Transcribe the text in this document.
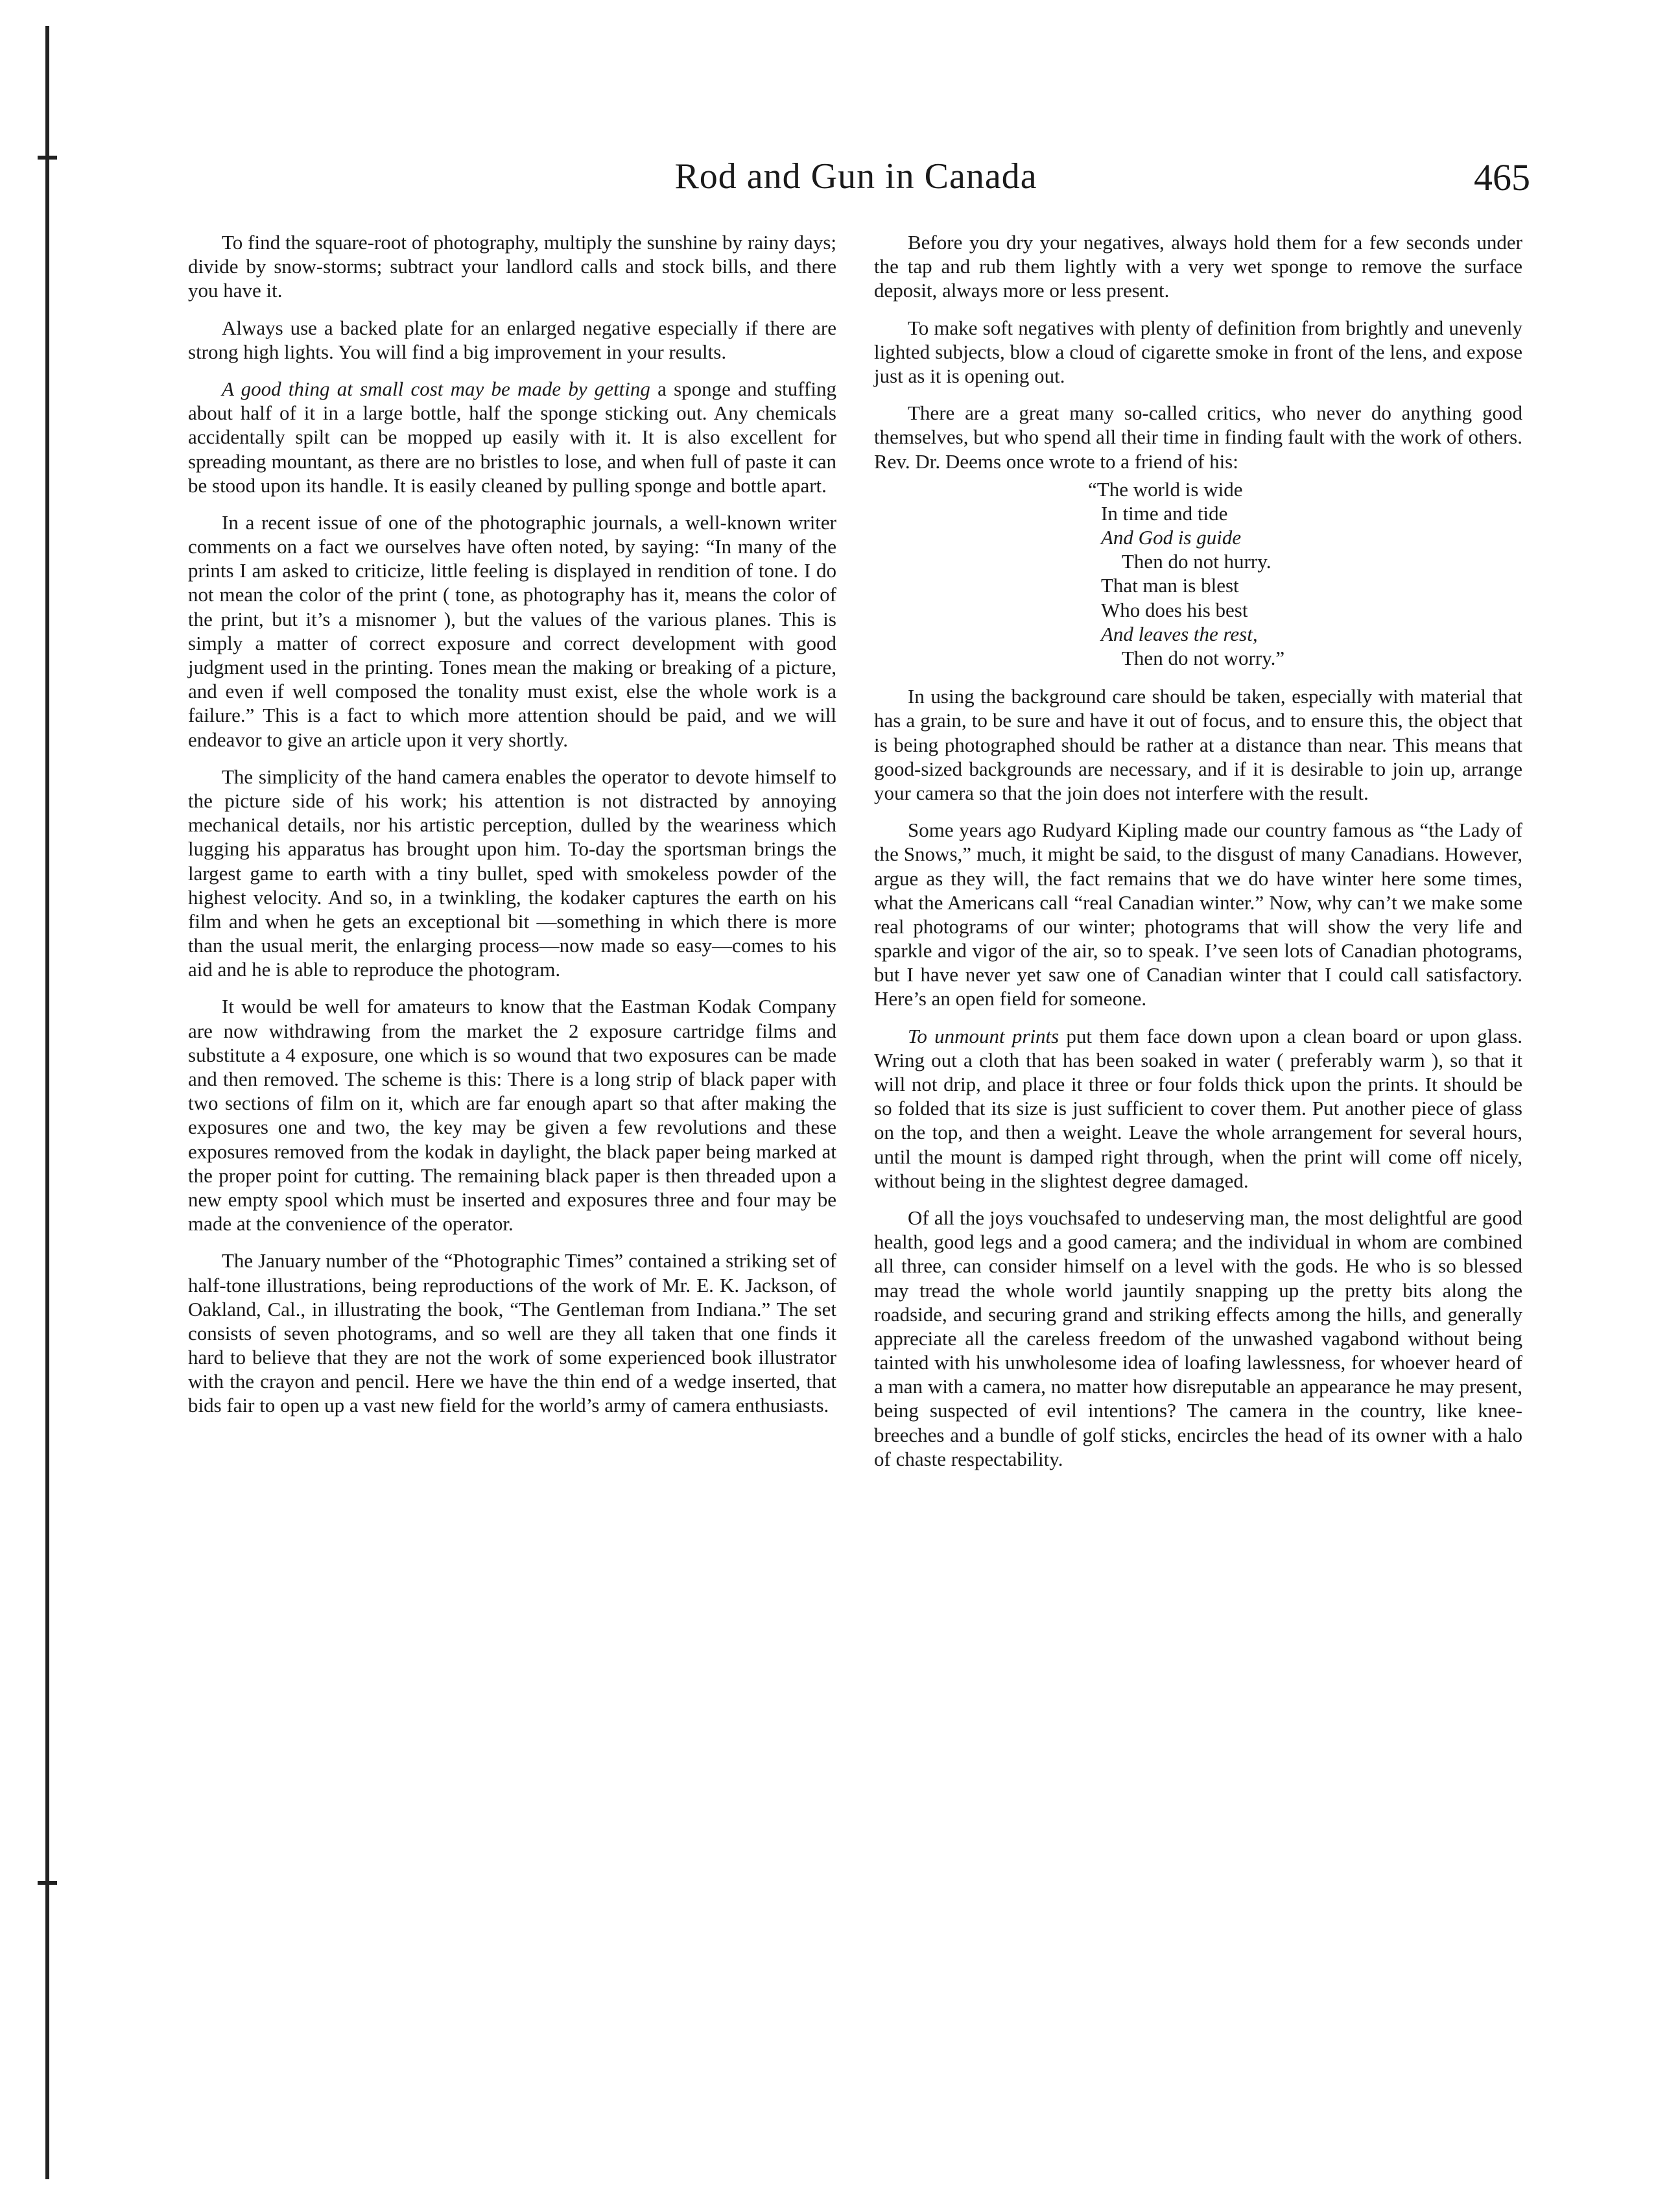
Rod and Gun in Canada	465

To find the square-root of photography, multiply the sunshine by rainy days; divide by snow-storms; subtract your landlord calls and stock bills, and there you have it.

Always use a backed plate for an enlarged negative especially if there are strong high lights. You will find a big improvement in your results.

A good thing at small cost may be made by getting a sponge and stuffing about half of it in a large bottle, half the sponge sticking out. Any chemicals accidentally spilt can be mopped up easily with it. It is also excellent for spreading mountant, as there are no bristles to lose, and when full of paste it can be stood upon its handle. It is easily cleaned by pulling sponge and bottle apart.

In a recent issue of one of the photographic journals, a well-known writer comments on a fact we ourselves have often noted, by saying: “In many of the prints I am asked to criticize, little feeling is displayed in rendition of tone. I do not mean the color of the print ( tone, as photography has it, means the color of the print, but it’s a misnomer ), but the values of the various planes. This is simply a matter of correct exposure and correct development with good judgment used in the printing. Tones mean the making or breaking of a picture, and even if well composed the tonality must exist, else the whole work is a failure.” This is a fact to which more attention should be paid, and we will endeavor to give an article upon it very shortly.

The simplicity of the hand camera enables the operator to devote himself to the picture side of his work; his attention is not distracted by annoying mechanical details, nor his artistic perception, dulled by the weariness which lugging his apparatus has brought upon him. To-day the sportsman brings the largest game to earth with a tiny bullet, sped with smokeless powder of the highest velocity. And so, in a twinkling, the kodaker captures the earth on his film and when he gets an exceptional bit —something in which there is more than the usual merit, the enlarging process—now made so easy—comes to his aid and he is able to reproduce the photogram.

It would be well for amateurs to know that the Eastman Kodak Company are now withdrawing from the market the 2 exposure cartridge films and substitute a 4 exposure, one which is so wound that two exposures can be made and then removed. The scheme is this: There is a long strip of black paper with two sections of film on it, which are far enough apart so that after making the exposures one and two, the key may be given a few revolutions and these exposures removed from the kodak in daylight, the black paper being marked at the proper point for cutting. The remaining black paper is then threaded upon a new empty spool which must be inserted and exposures three and four may be made at the convenience of the operator.

The January number of the “Photographic Times” contained a striking set of half-tone illustrations, being reproductions of the work of Mr. E. K. Jackson, of Oakland, Cal., in illustrating the book, “The Gentleman from Indiana.” The set consists of seven photograms, and so well are they all taken that one finds it hard to believe that they are not the work of some experienced book illustrator with the crayon and pencil. Here we have the thin end of a wedge inserted, that bids fair to open up a vast new field for the world’s army of camera enthusiasts.

Before you dry your negatives, always hold them for a few seconds under the tap and rub them lightly with a very wet sponge to remove the surface deposit, always more or less present.

To make soft negatives with plenty of definition from brightly and unevenly lighted subjects, blow a cloud of cigarette smoke in front of the lens, and expose just as it is opening out.

There are a great many so-called critics, who never do anything good themselves, but who spend all their time in finding fault with the work of others. Rev. Dr. Deems once wrote to a friend of his:

“The world is wide
In time and tide
And God is guide
Then do not hurry.
That man is blest
Who does his best
And leaves the rest,
Then do not worry.”

In using the background care should be taken, especially with material that has a grain, to be sure and have it out of focus, and to ensure this, the object that is being photographed should be rather at a distance than near. This means that good-sized backgrounds are necessary, and if it is desirable to join up, arrange your camera so that the join does not interfere with the result.

Some years ago Rudyard Kipling made our country famous as “the Lady of the Snows,” much, it might be said, to the disgust of many Canadians. However, argue as they will, the fact remains that we do have winter here some times, what the Americans call “real Canadian winter.” Now, why can’t we make some real photograms of our winter; photograms that will show the very life and sparkle and vigor of the air, so to speak. I’ve seen lots of Canadian photograms, but I have never yet saw one of Canadian winter that I could call satisfactory. Here’s an open field for someone.

To unmount prints put them face down upon a clean board or upon glass. Wring out a cloth that has been soaked in water ( preferably warm ), so that it will not drip, and place it three or four folds thick upon the prints. It should be so folded that its size is just sufficient to cover them. Put another piece of glass on the top, and then a weight. Leave the whole arrangement for several hours, until the mount is damped right through, when the print will come off nicely, without being in the slightest degree damaged.

Of all the joys vouchsafed to undeserving man, the most delightful are good health, good legs and a good camera; and the individual in whom are combined all three, can consider himself on a level with the gods. He who is so blessed may tread the whole world jauntily snapping up the pretty bits along the roadside, and securing grand and striking effects among the hills, and generally appreciate all the careless freedom of the unwashed vagabond without being tainted with his unwholesome idea of loafing lawlessness, for whoever heard of a man with a camera, no matter how disreputable an appearance he may present, being suspected of evil intentions? The camera in the country, like knee-breeches and a bundle of golf sticks, encircles the head of its owner with a halo of chaste respectability.
